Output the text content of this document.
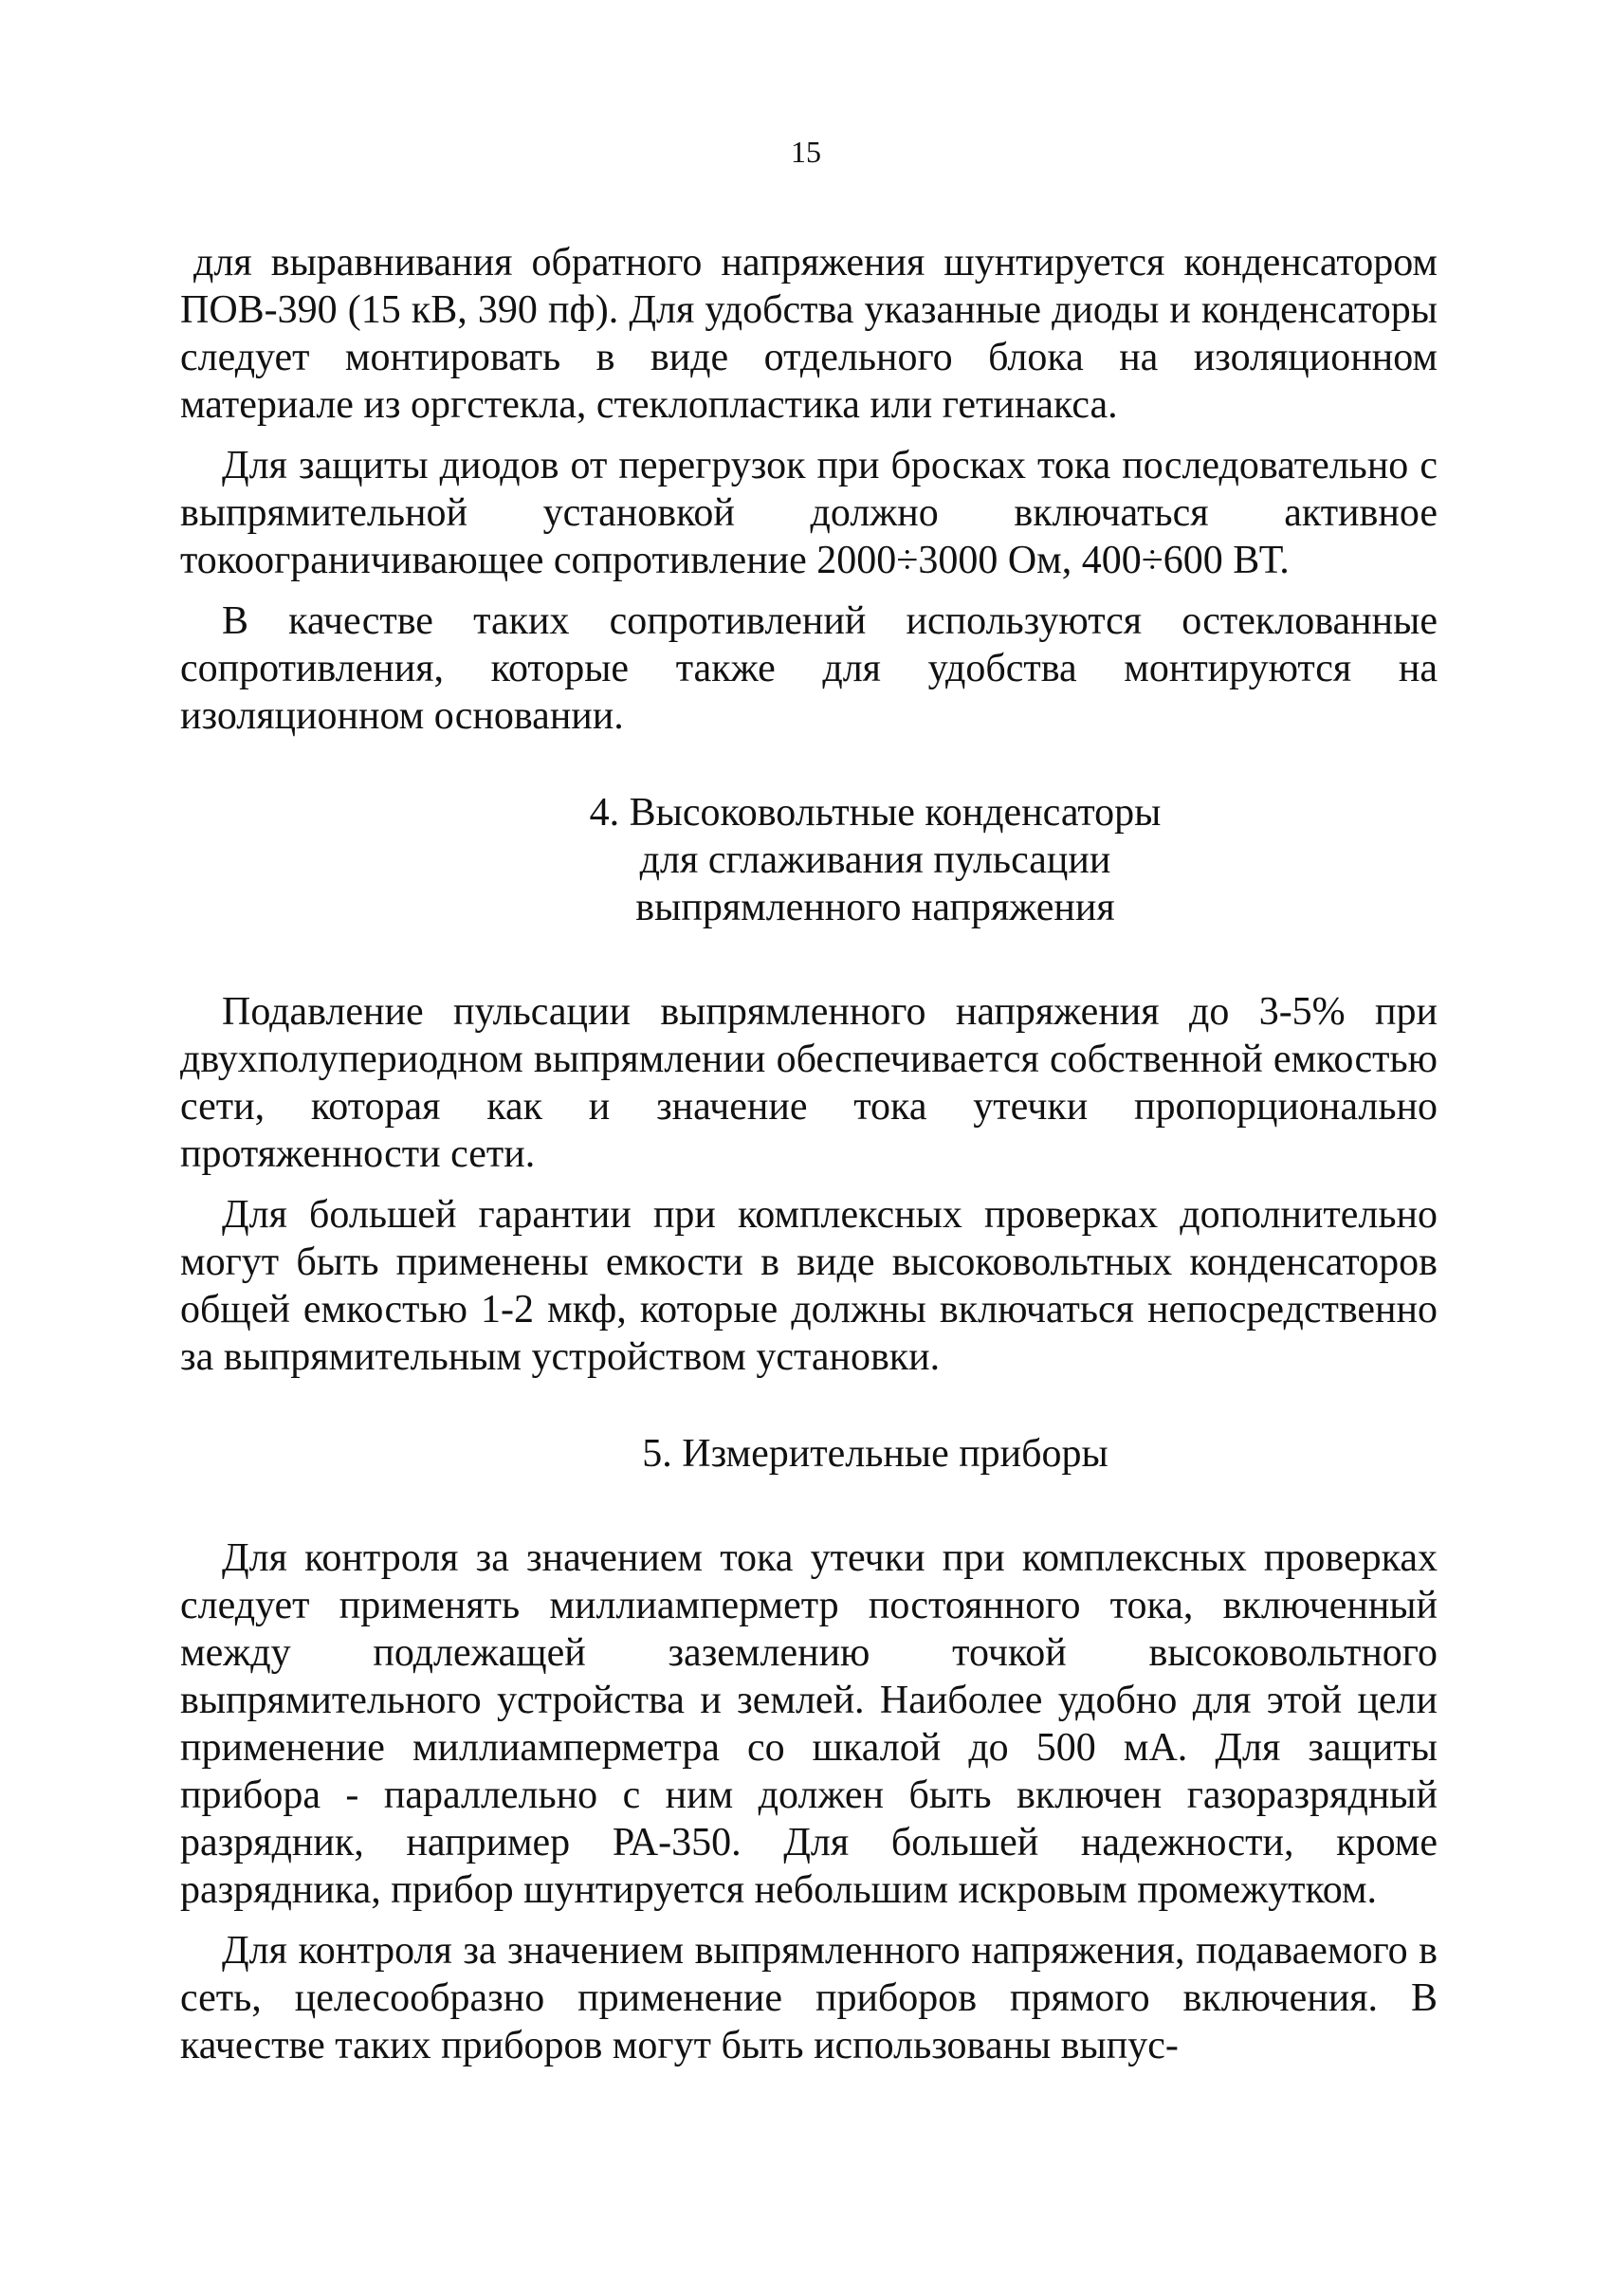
15

для выравнивания обратного напряжения шунтируется конденсатором ПОВ-390 (15 кВ, 390 пф). Для удобства указанные диоды и конденсаторы следует монтировать в виде отдельного блока на изоляционном материале из оргстекла, стеклопластика или гетинакса.

Для защиты диодов от перегрузок при бросках тока последовательно с выпрямительной установкой должно включаться активное токоограничивающее сопротивление 2000÷3000 Ом, 400÷600 ВТ.

В качестве таких сопротивлений используются остеклованные сопротивления, которые также для удобства монтируются на изоляционном основании.

4. Высоковольтные конденсаторы
для сглаживания пульсации
выпрямленного напряжения

Подавление пульсации выпрямленного напряжения до 3-5% при двухполупериодном выпрямлении обеспечивается собственной емкостью сети, которая как и значение тока утечки пропорционально протяженности сети.

Для большей гарантии при комплексных проверках дополнительно могут быть применены емкости в виде высоковольтных конденсаторов общей емкостью 1-2 мкф, которые должны включаться непосредственно за выпрямительным устройством установки.

5. Измерительные приборы

Для контроля за значением тока утечки при комплексных проверках следует применять миллиамперметр постоянного тока, включенный между подлежащей заземлению точкой высоковольтного выпрямительного устройства и землей. Наиболее удобно для этой цели применение миллиамперметра со шкалой до 500 мА. Для защиты прибора - параллельно с ним должен быть включен газоразрядный разрядник, например РА-350. Для большей надежности, кроме разрядника, прибор шунтируется небольшим искровым промежутком.

Для контроля за значением выпрямленного напряжения, подаваемого в сеть, целесообразно применение приборов прямого включения. В качестве таких приборов могут быть использованы выпус-
